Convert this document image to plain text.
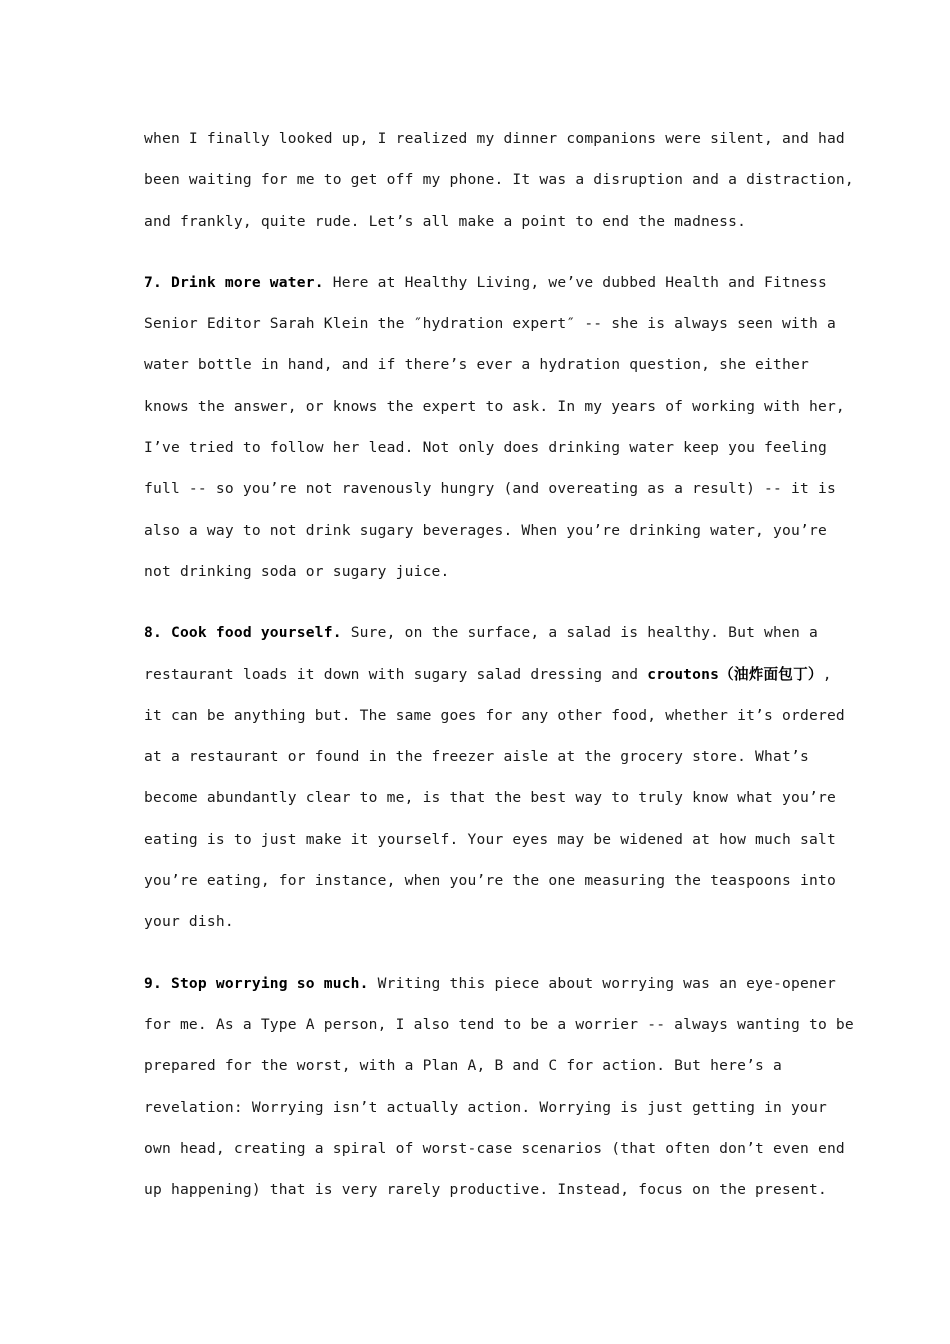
when I finally looked up, I realized my dinner companions were silent, and had
been waiting for me to get off my phone. It was a disruption and a distraction,
and frankly, quite rude. Let’s all make a point to end the madness.

7. Drink more water. Here at Healthy Living, we’ve dubbed Health and Fitness
Senior Editor Sarah Klein the ″hydration expert″ -- she is always seen with a
water bottle in hand, and if there’s ever a hydration question, she either
knows the answer, or knows the expert to ask. In my years of working with her,
I’ve tried to follow her lead. Not only does drinking water keep you feeling
full -- so you’re not ravenously hungry (and overeating as a result) -- it is
also a way to not drink sugary beverages. When you’re drinking water, you’re
not drinking soda or sugary juice.

8. Cook food yourself. Sure, on the surface, a salad is healthy. But when a
restaurant loads it down with sugary salad dressing and croutons（油炸面包丁）,
it can be anything but. The same goes for any other food, whether it’s ordered
at a restaurant or found in the freezer aisle at the grocery store. What’s
become abundantly clear to me, is that the best way to truly know what you’re
eating is to just make it yourself. Your eyes may be widened at how much salt
you’re eating, for instance, when you’re the one measuring the teaspoons into
your dish.

9. Stop worrying so much. Writing this piece about worrying was an eye-opener
for me. As a Type A person, I also tend to be a worrier -- always wanting to be
prepared for the worst, with a Plan A, B and C for action. But here’s a
revelation: Worrying isn’t actually action. Worrying is just getting in your
own head, creating a spiral of worst-case scenarios (that often don’t even end
up happening) that is very rarely productive. Instead, focus on the present.
